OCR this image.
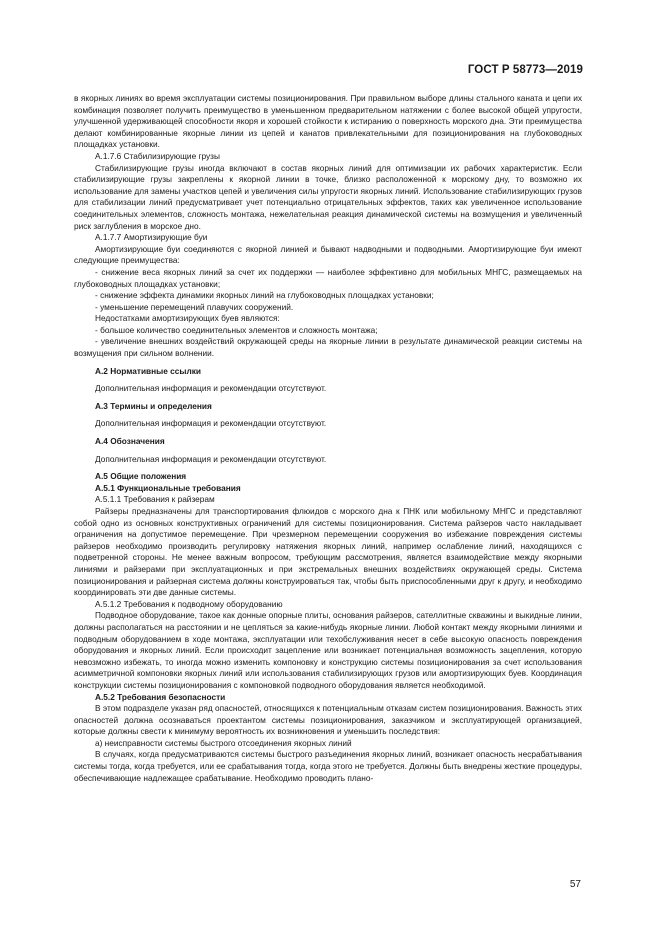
ГОСТ Р 58773—2019

в якорных линиях во время эксплуатации системы позиционирования. При правильном выборе длины стального каната и цепи их комбинация позволяет получить преимущество в уменьшенном предварительном натяжении с более высокой общей упругости, улучшенной удерживающей способности якоря и хорошей стойкости к истиранию о поверхность морского дна. Эти преимущества делают комбинированные якорные линии из цепей и канатов привлекательными для позиционирования на глубоководных площадках установки.

А.1.7.6 Стабилизирующие грузы

Стабилизирующие грузы иногда включают в состав якорных линий для оптимизации их рабочих характеристик. Если стабилизирующие грузы закреплены к якорной линии в точке, близко расположенной к морскому дну, то возможно их использование для замены участков цепей и увеличения силы упругости якорных линий. Использование стабилизирующих грузов для стабилизации линий предусматривает учет потенциально отрицательных эффектов, таких как увеличенное использование соединительных элементов, сложность монтажа, нежелательная реакция динамической системы на возмущения и увеличенный риск заглубления в морское дно.

А.1.7.7 Амортизирующие буи

Амортизирующие буи соединяются с якорной линией и бывают надводными и подводными. Амортизирующие буи имеют следующие преимущества:

- снижение веса якорных линий за счет их поддержки — наиболее эффективно для мобильных МНГС, размещаемых на глубоководных площадках установки;

- снижение эффекта динамики якорных линий на глубоководных площадках установки;

- уменьшение перемещений плавучих сооружений.

Недостатками амортизирующих буев являются:

- большое количество соединительных элементов и сложность монтажа;

- увеличение внешних воздействий окружающей среды на якорные линии в результате динамической реакции системы на возмущения при сильном волнении.

А.2 Нормативные ссылки

Дополнительная информация и рекомендации отсутствуют.

А.3 Термины и определения

Дополнительная информация и рекомендации отсутствуют.

А.4 Обозначения

Дополнительная информация и рекомендации отсутствуют.

А.5 Общие положения

А.5.1 Функциональные требования

А.5.1.1 Требования к райзерам

Райзеры предназначены для транспортирования флюидов с морского дна к ПНК или мобильному МНГС и представляют собой одно из основных конструктивных ограничений для системы позиционирования. Система райзеров часто накладывает ограничения на допустимое перемещение. При чрезмерном перемещении сооружения во избежание повреждения системы райзеров необходимо производить регулировку натяжения якорных линий, например ослабление линий, находящихся с подветренной стороны. Не менее важным вопросом, требующим рассмотрения, является взаимодействие между якорными линиями и райзерами при эксплуатационных и при экстремальных внешних воздействиях окружающей среды. Система позиционирования и райзерная система должны конструироваться так, чтобы быть приспособленными друг к другу, и необходимо координировать эти две данные системы.

А.5.1.2 Требования к подводному оборудованию

Подводное оборудование, такое как донные опорные плиты, основания райзеров, сателлитные скважины и выкидные линии, должны располагаться на расстоянии и не цепляться за какие-нибудь якорные линии. Любой контакт между якорными линиями и подводным оборудованием в ходе монтажа, эксплуатации или техобслуживания несет в себе высокую опасность повреждения оборудования и якорных линий. Если происходит зацепление или возникает потенциальная возможность зацепления, которую невозможно избежать, то иногда можно изменить компоновку и конструкцию системы позиционирования за счет использования асимметричной компоновки якорных линий или использования стабилизирующих грузов или амортизирующих буев. Координация конструкции системы позиционирования с компоновкой подводного оборудования является необходимой.

А.5.2 Требования безопасности

В этом подразделе указан ряд опасностей, относящихся к потенциальным отказам систем позиционирования. Важность этих опасностей должна осознаваться проектантом системы позиционирования, заказчиком и эксплуатирующей организацией, которые должны свести к минимуму вероятность их возникновения и уменьшить последствия:

а) неисправности системы быстрого отсоединения якорных линий

В случаях, когда предусматриваются системы быстрого разъединения якорных линий, возникает опасность несрабатывания системы тогда, когда требуется, или ее срабатывания тогда, когда этого не требуется. Должны быть внедрены жесткие процедуры, обеспечивающие надлежащее срабатывание. Необходимо проводить плано-

57
